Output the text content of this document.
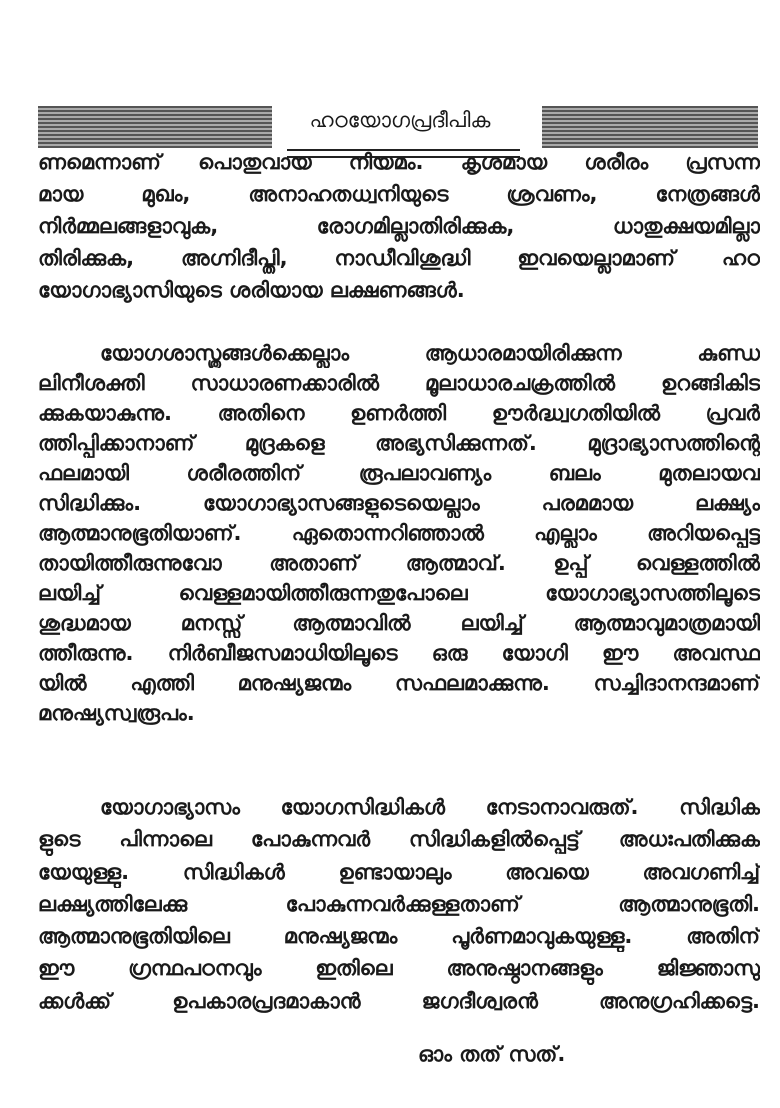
ഹഠയോഗപ്രദീപിക
ണമെന്നാണ് പൊതുവായ നിയമം. കൃശമായ ശരീരം പ്രസന്ന
മായ മുഖം, അനാഹതധ്വനിയുടെ ശ്രവണം, നേത്രങ്ങൾ
നിർമ്മലങ്ങളാവുക, രോഗമില്ലാതിരിക്കുക, ധാതുക്ഷയമില്ലാ
തിരിക്കുക, അഗ്നിദീപ്തി, നാഡീവിശുദ്ധി ഇവയെല്ലാമാണ് ഹഠ
യോഗാഭ്യാസിയുടെ ശരിയായ ലക്ഷണങ്ങൾ.
യോഗശാസ്ത്രങ്ങൾക്കെല്ലാം ആധാരമായിരിക്കുന്ന കുണ്ഡ
ലിനീശക്തി സാധാരണക്കാരിൽ മൂലാധാരചക്രത്തിൽ ഉറങ്ങികിട
ക്കുകയാകുന്നു. അതിനെ ഉണർത്തി ഊർദ്ധ്വഗതിയിൽ പ്രവർ
ത്തിപ്പിക്കാനാണ് മുദ്രകളെ അഭ്യസിക്കുന്നത്. മുദ്രാഭ്യാസത്തിന്റെ
ഫലമായി ശരീരത്തിന് രൂപലാവണ്യം ബലം മുതലായവ
സിദ്ധിക്കും. യോഗാഭ്യാസങ്ങളുടെയെല്ലാം പരമമായ ലക്ഷ്യം
ആത്മാനുഭൂതിയാണ്. ഏതൊന്നറിഞ്ഞാൽ എല്ലാം അറിയപ്പെട്ട
തായിത്തീരുന്നുവോ അതാണ് ആത്മാവ്. ഉപ്പ് വെള്ളത്തിൽ
ലയിച്ച് വെള്ളമായിത്തീരുന്നതുപോലെ യോഗാഭ്യാസത്തിലൂടെ
ശുദ്ധമായ മനസ്സ് ആത്മാവിൽ ലയിച്ച് ആത്മാവുമാത്രമായി
ത്തീരുന്നു. നിർബീജസമാധിയിലൂടെ ഒരു യോഗി ഈ അവസ്ഥ
യിൽ എത്തി മനുഷ്യജന്മം സഫലമാക്കുന്നു. സച്ചിദാനന്ദമാണ്
മനുഷ്യസ്വരൂപം.
യോഗാഭ്യാസം യോഗസിദ്ധികൾ നേടാനാവരുത്. സിദ്ധിക
ളുടെ പിന്നാലെ പോകുന്നവർ സിദ്ധികളിൽപ്പെട്ട് അധഃപതിക്കുക
യേയുള്ളു. സിദ്ധികൾ ഉണ്ടായാലും അവയെ അവഗണിച്ച്
ലക്ഷ്യത്തിലേക്കു പോകുന്നവർക്കുള്ളതാണ് ആത്മാനുഭൂതി.
ആത്മാനുഭൂതിയിലെ മനുഷ്യജന്മം പൂർണമാവുകയുള്ളു. അതിന്
ഈ ഗ്രന്ഥപഠനവും ഇതിലെ അനുഷ്ഠാനങ്ങളും ജിജ്ഞാസു
ക്കൾക്ക് ഉപകാരപ്രദമാകാൻ ജഗദീശ്വരൻ അനുഗ്രഹിക്കട്ടെ.
ഓം തത് സത്.
